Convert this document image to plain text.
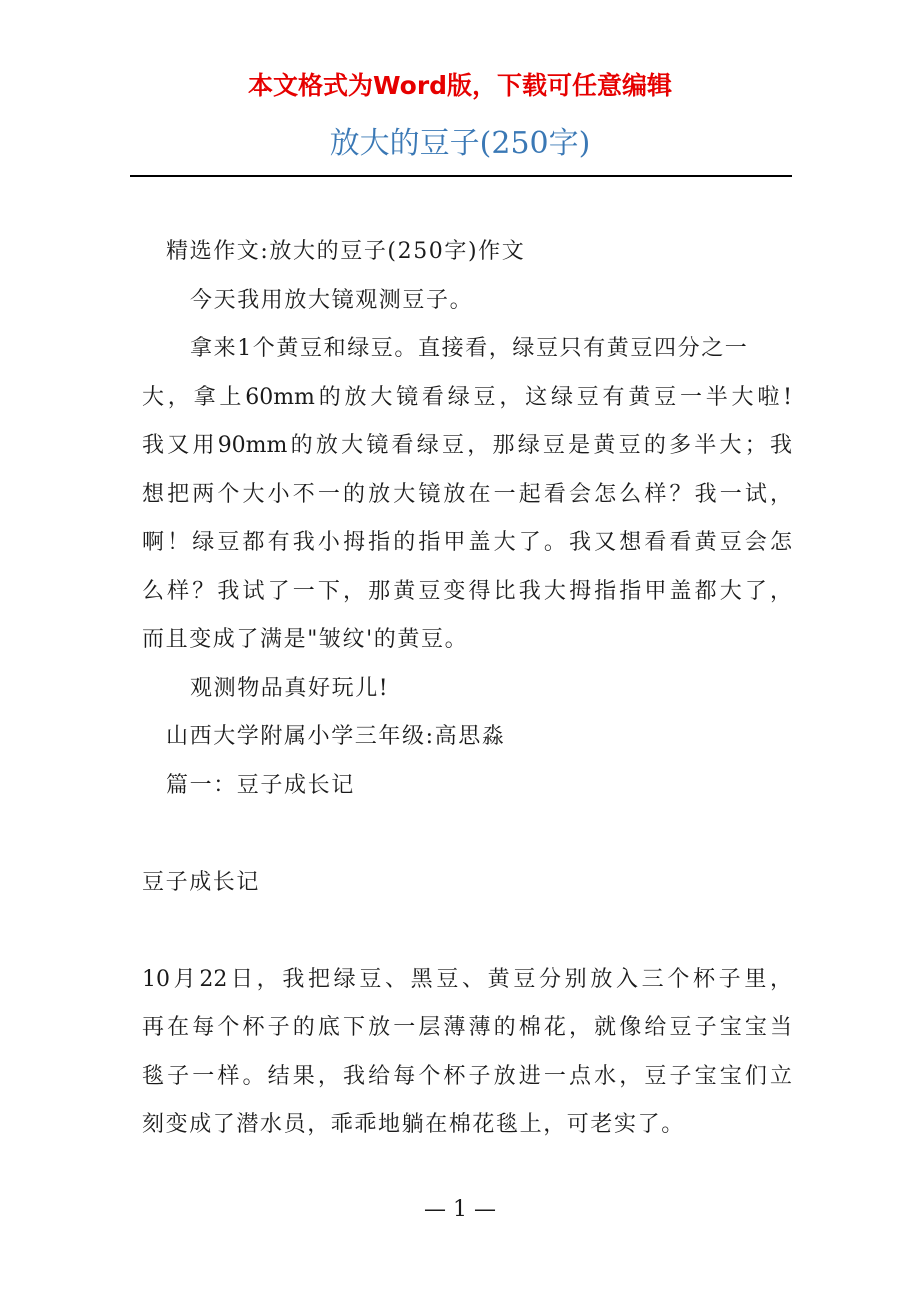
本文格式为Word版，下载可任意编辑
放大的豆子(250字)
精选作文:放大的豆子(250字)作文
今天我用放大镜观测豆子。
拿来1个黄豆和绿豆。直接看，绿豆只有黄豆四分之一
大，拿上60mm的放大镜看绿豆，这绿豆有黄豆一半大啦!
我又用90mm的放大镜看绿豆，那绿豆是黄豆的多半大；我
想把两个大小不一的放大镜放在一起看会怎么样？我一试，
啊！绿豆都有我小拇指的指甲盖大了。我又想看看黄豆会怎
么样？我试了一下，那黄豆变得比我大拇指指甲盖都大了，
而且变成了满是"皱纹'的黄豆。
观测物品真好玩儿!
山西大学附属小学三年级:高思淼
篇一：豆子成长记
豆子成长记
10月22日，我把绿豆、黑豆、黄豆分别放入三个杯子里，
再在每个杯子的底下放一层薄薄的棉花，就像给豆子宝宝当
毯子一样。结果，我给每个杯子放进一点水，豆子宝宝们立
刻变成了潜水员，乖乖地躺在棉花毯上，可老实了。
— 1 —
